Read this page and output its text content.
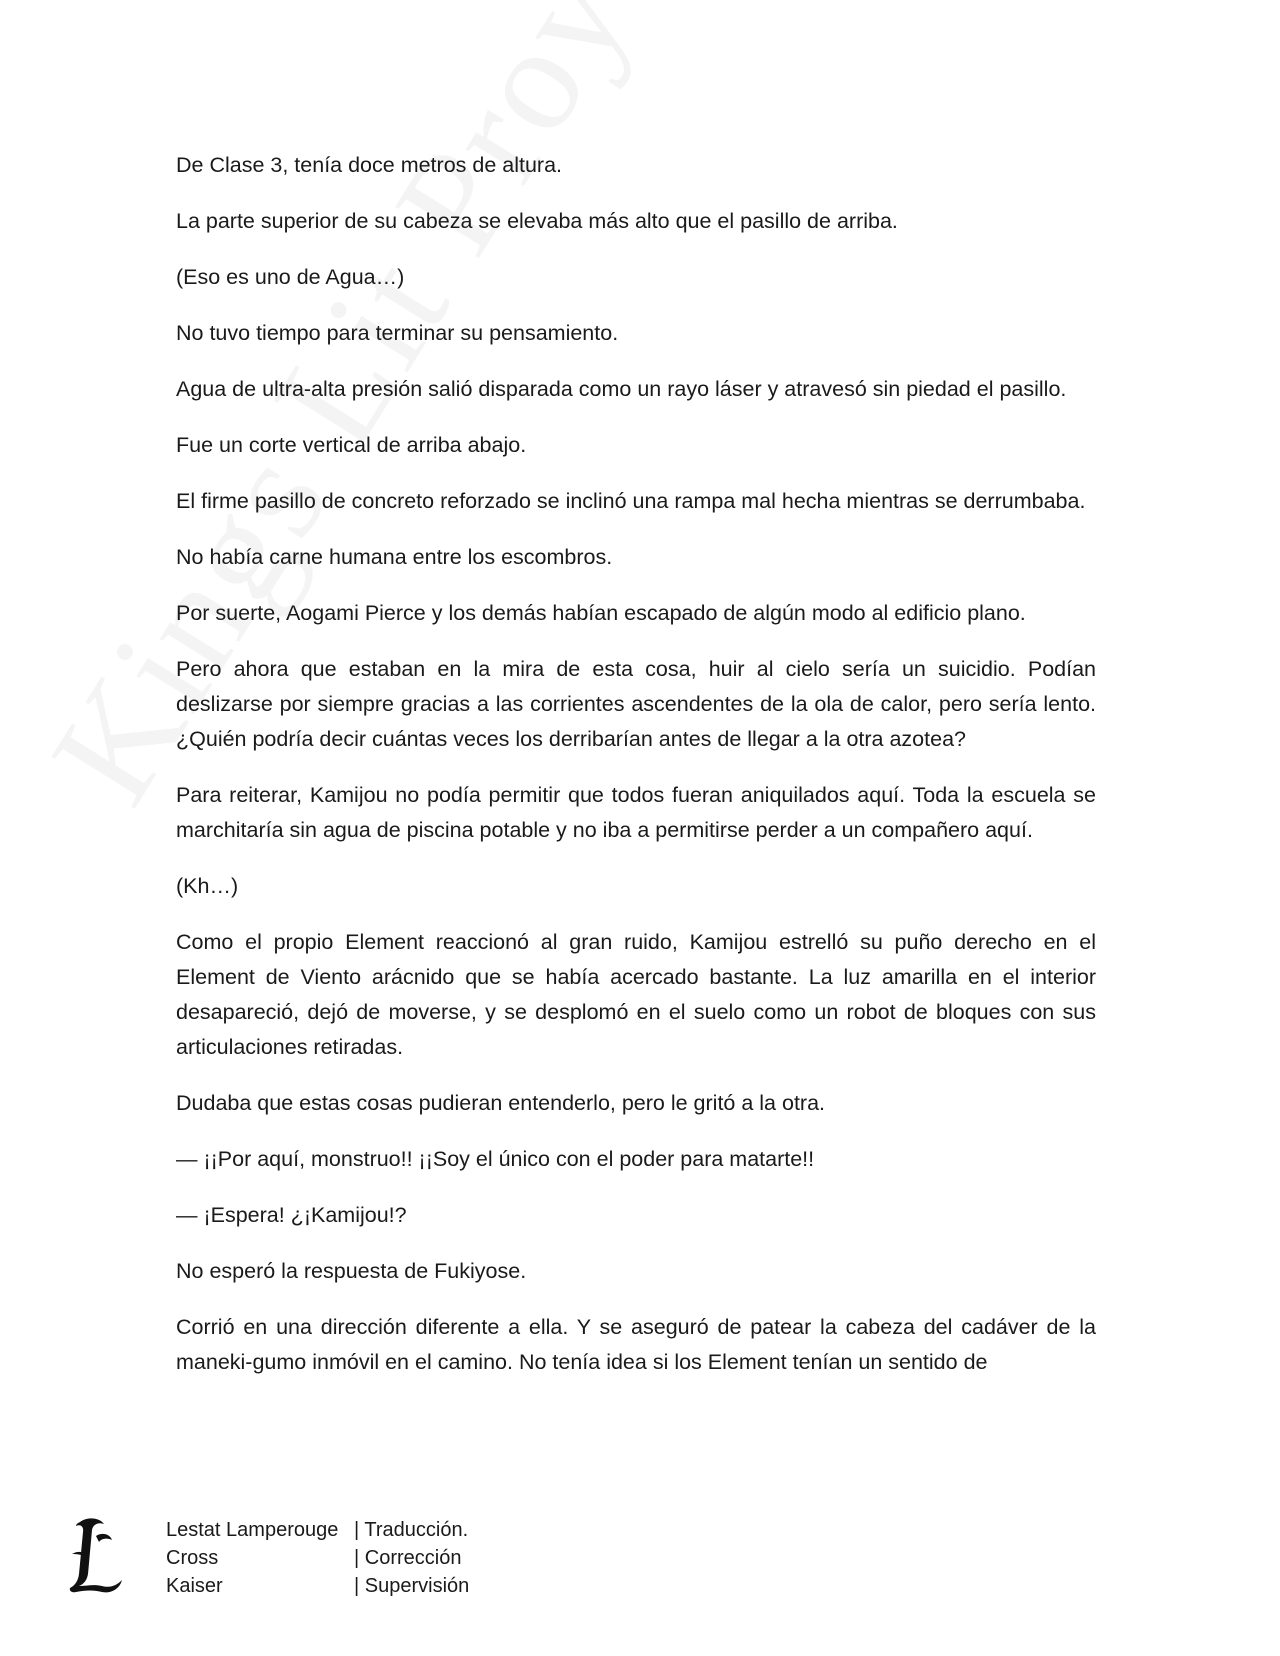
De Clase 3, tenía doce metros de altura.

La parte superior de su cabeza se elevaba más alto que el pasillo de arriba.

(Eso es uno de Agua…)

No tuvo tiempo para terminar su pensamiento.

Agua de ultra-alta presión salió disparada como un rayo láser y atravesó sin piedad el pasillo.

Fue un corte vertical de arriba abajo.

El firme pasillo de concreto reforzado se inclinó una rampa mal hecha mientras se derrumbaba.

No había carne humana entre los escombros.

Por suerte, Aogami Pierce y los demás habían escapado de algún modo al edificio plano.

Pero ahora que estaban en la mira de esta cosa, huir al cielo sería un suicidio. Podían deslizarse por siempre gracias a las corrientes ascendentes de la ola de calor, pero sería lento. ¿Quién podría decir cuántas veces los derribarían antes de llegar a la otra azotea?

Para reiterar, Kamijou no podía permitir que todos fueran aniquilados aquí. Toda la escuela se marchitaría sin agua de piscina potable y no iba a permitirse perder a un compañero aquí.

(Kh…)

Como el propio Element reaccionó al gran ruido, Kamijou estrelló su puño derecho en el Element de Viento arácnido que se había acercado bastante. La luz amarilla en el interior desapareció, dejó de moverse, y se desplomó en el suelo como un robot de bloques con sus articulaciones retiradas.

Dudaba que estas cosas pudieran entenderlo, pero le gritó a la otra.

— ¡¡Por aquí, monstruo!! ¡¡Soy el único con el poder para matarte!!

— ¡Espera! ¿¡Kamijou!?

No esperó la respuesta de Fukiyose.

Corrió en una dirección diferente a ella. Y se aseguró de patear la cabeza del cadáver de la maneki-gumo inmóvil en el camino. No tenía idea si los Element tenían un sentido de

Lestat Lamperouge | Traducción.
Cross	| Corrección
Kaiser	| Supervisión
